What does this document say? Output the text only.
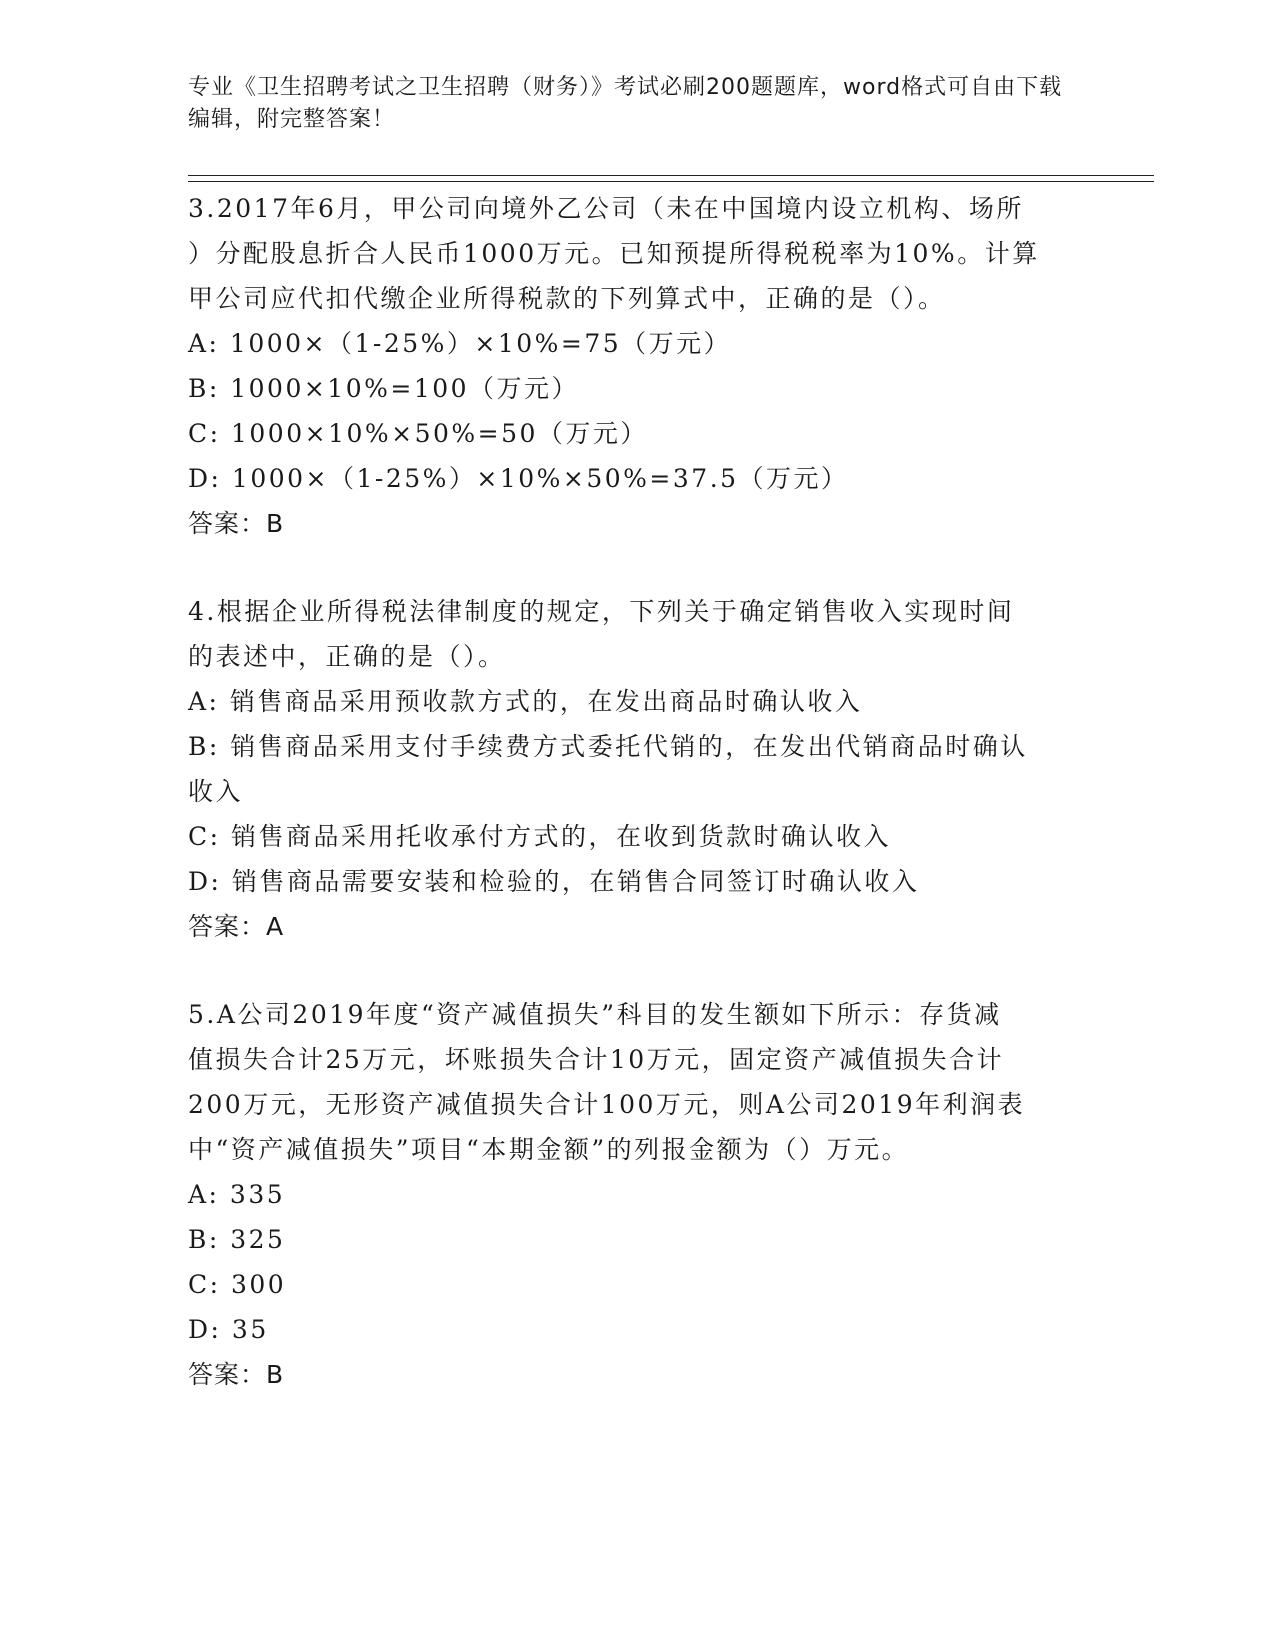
专业《卫生招聘考试之卫生招聘（财务）》考试必刷200题题库，word格式可自由下载编辑，附完整答案！
3.2017年6月，甲公司向境外乙公司（未在中国境内设立机构、场所
）分配股息折合人民币1000万元。已知预提所得税税率为10%。计算
甲公司应代扣代缴企业所得税款的下列算式中，正确的是（）。
A: 1000×（1-25%）×10%=75（万元）
B: 1000×10%=100（万元）
C: 1000×10%×50%=50（万元）
D: 1000×（1-25%）×10%×50%=37.5（万元）
答案：B
4.根据企业所得税法律制度的规定，下列关于确定销售收入实现时间
的表述中，正确的是（）。
A: 销售商品采用预收款方式的，在发出商品时确认收入
B: 销售商品采用支付手续费方式委托代销的，在发出代销商品时确认
收入
C: 销售商品采用托收承付方式的，在收到货款时确认收入
D: 销售商品需要安装和检验的，在销售合同签订时确认收入
答案：A
5.A公司2019年度“资产减值损失”科目的发生额如下所示：存货减
值损失合计25万元，坏账损失合计10万元，固定资产减值损失合计
200万元，无形资产减值损失合计100万元，则A公司2019年利润表
中“资产减值损失”项目“本期金额”的列报金额为（）万元。
A: 335
B: 325
C: 300
D: 35
答案：B
